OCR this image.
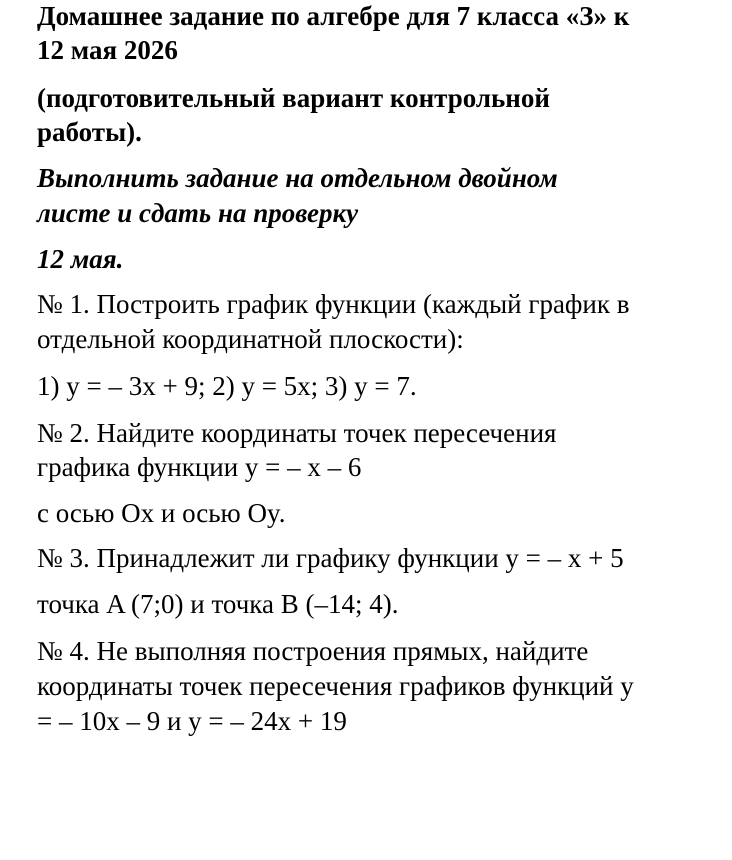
Домашнее задание по алгебре для 7 класса «З» к
12 мая 2026
(подготовительный вариант контрольной
работы).
Выполнить задание на отдельном двойном
листе и сдать на проверку
12 мая.
№ 1. Построить график функции (каждый график в
отдельной координатной плоскости):
1) y = – 3x + 9; 2) y = 5x; 3) y = 7.
№ 2. Найдите координаты точек пересечения
графика функции y = – x – 6
с осью Ox и осью Oy.
№ 3. Принадлежит ли графику функции y = – x + 5
точка A (7;0) и точка B (–14; 4).
№ 4. Не выполняя построения прямых, найдите
координаты точек пересечения графиков функций y
= – 10x – 9 и y = – 24x + 19
